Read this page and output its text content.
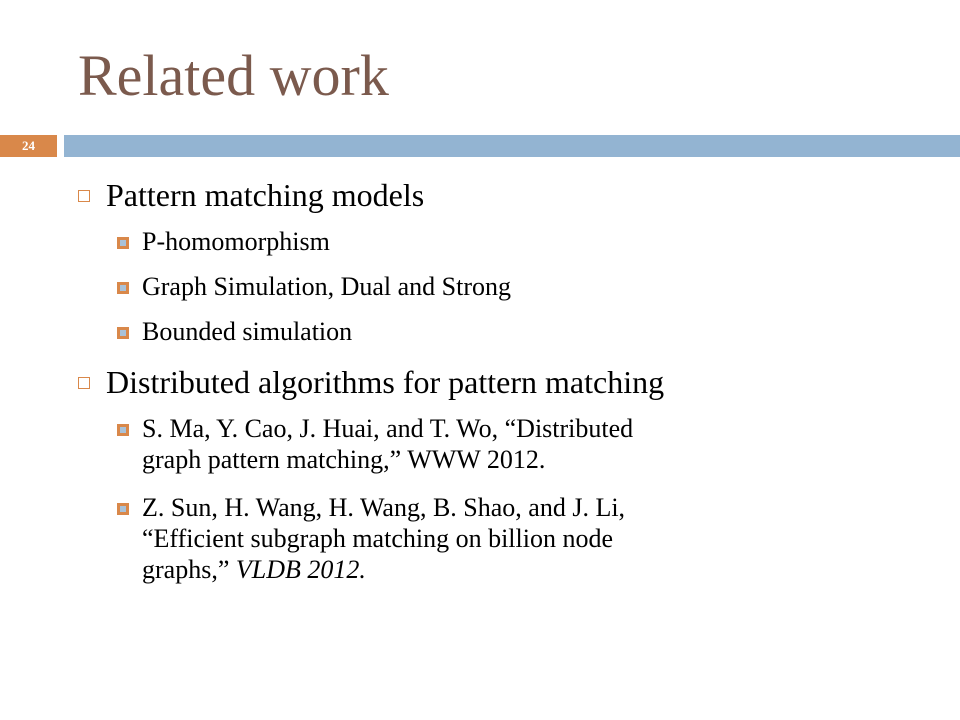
Related work
24
Pattern matching models
P-homomorphism
Graph Simulation, Dual and Strong
Bounded simulation
Distributed algorithms for pattern matching
S. Ma, Y. Cao, J. Huai, and T. Wo, “Distributed
graph pattern matching,” WWW 2012.
Z. Sun, H. Wang, H. Wang, B. Shao, and J. Li,
“Efficient subgraph matching on billion node
graphs,” VLDB 2012.
